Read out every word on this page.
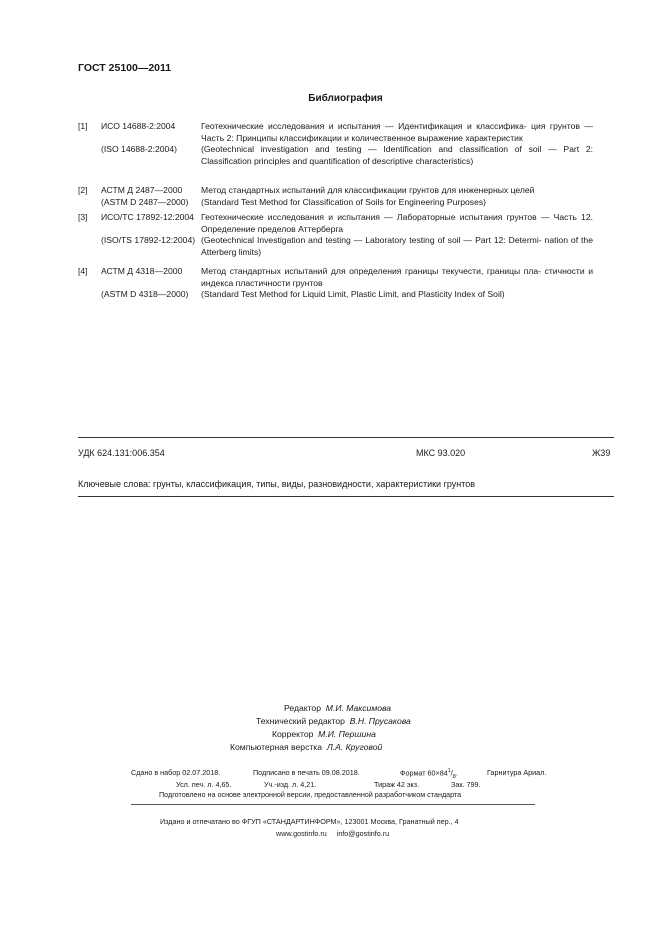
ГОСТ 25100—2011
Библиография
[1]	ИСО 14688-2:2004	Геотехнические исследования и испытания — Идентификация и классифика- ция грунтов — Часть 2: Принципы классификации и количественное выражение характеристик
(ISO 14688-2:2004)	(Geotechnical investigation and testing — Identification and classification of soil — Part 2: Classification principles and quantification of descriptive characteristics)
[2]	АСТМ Д 2487—2000	Метод стандартных испытаний для классификации грунтов для инженерных целей
(ASTM D 2487—2000)	(Standard Test Method for Classification of Soils for Engineering Purposes)
[3]	ИСО/ТС 17892-12:2004 Геотехнические исследования и испытания — Лабораторные испытания грунтов — Часть 12. Определение пределов Аттерберга
(ISO/TS 17892-12:2004) (Geotechnical Investigation and testing — Laboratory testing of soil — Part 12: Determi- nation of the Atterberg limits)
[4]	АСТМ Д 4318—2000	Метод стандартных испытаний для определения границы текучести, границы пла- стичности и индекса пластичности грунтов
(ASTM D 4318—2000)	(Standard Test Method for Liquid Limit, Plastic Limit, and Plasticity Index of Soil)
УДК 624.131:006.354	МКС 93.020	Ж39
Ключевые слова: грунты, классификация, типы, виды, разновидности, характеристики грунтов
Редактор М.И. Максимова
Технический редактор В.Н. Прусакова
Корректор М.И. Першина
Компьютерная верстка Л.А. Круговой
Сдано в набор 02.07.2018.	Подписано в печать 09.08.2018.	Формат $60\times 84^1/_8$.	Гарнитура Ариал.
Усл. печ. л. 4,65.	Уч.-изд. л. 4,21.	Тираж 42 экз.	Зак. 799.
Подготовлено на основе электронной версии, предоставленной разработчиком стандарта
Издано и отпечатано во ФГУП «СТАНДАРТИНФОРМ», 123001 Москва, Гранатный пер., 4
www.gostinfo.ru     info@gostinfo.ru
